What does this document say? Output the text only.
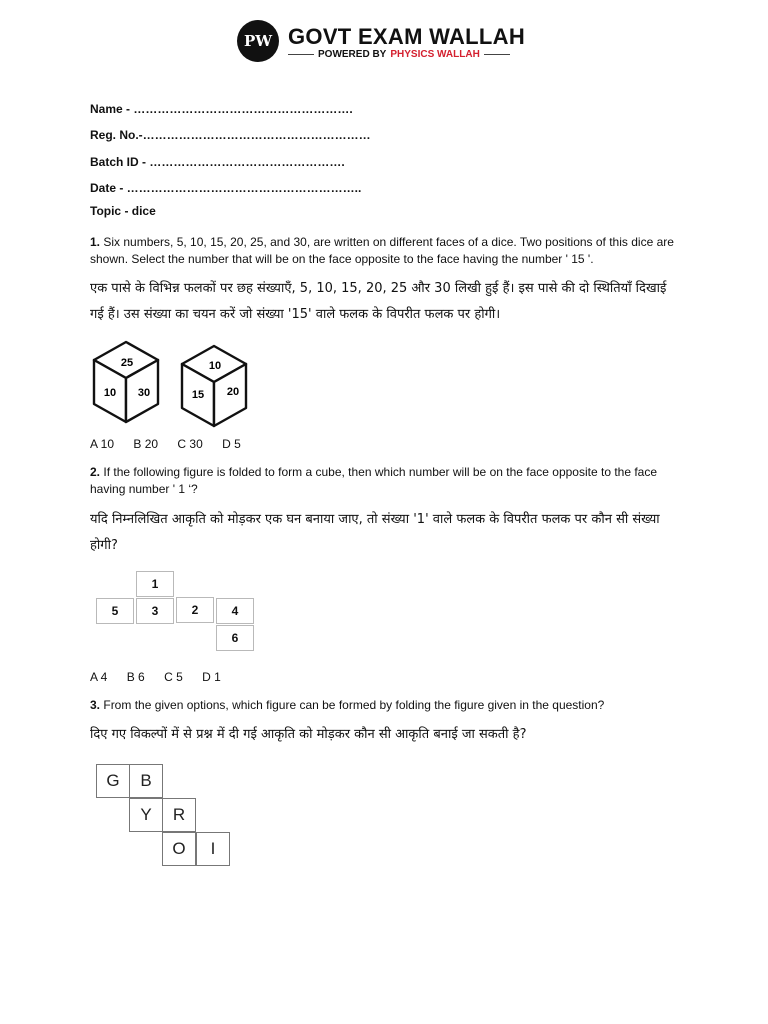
PW GOVT EXAM WALLAH
POWERED BY PHYSICS WALLAH
Name - ……………………………………………….
Reg. No.-…………………………………………………
Batch ID - ………………………………………….
Date - …………………………………………………..
Topic - dice
1. Six numbers, 5, 10, 15, 20, 25, and 30, are written on different faces of a dice. Two positions of this dice are shown. Select the number that will be on the face opposite to the face having the number ' 15 '.
एक पासे के विभिन्न फलकों पर छह संख्याएँ, 5, 10, 15, 20, 25 और 30 लिखी हुई हैं। इस पासे की दो स्थितियाँ दिखाई गई हैं। उस संख्या का चयन करें जो संख्या '15' वाले फलक के विपरीत फलक पर होगी।
25
10 30
10
15 20
A 10 B 20 C 30 D 5
2. If the following figure is folded to form a cube, then which number will be on the face opposite to the face having number ' 1 ‘?
यदि निम्नलिखित आकृति को मोड़कर एक घन बनाया जाए, तो संख्या '1' वाले फलक के विपरीत फलक पर कौन सी संख्या होगी?
1
5	3	2	4
6
A 4 B 6 C 5 D 1
3. From the given options, which figure can be formed by folding the figure given in the question?
दिए गए विकल्पों में से प्रश्न में दी गई आकृति को मोड़कर कौन सी आकृति बनाई जा सकती है?
G	B
Y	R
O	I
